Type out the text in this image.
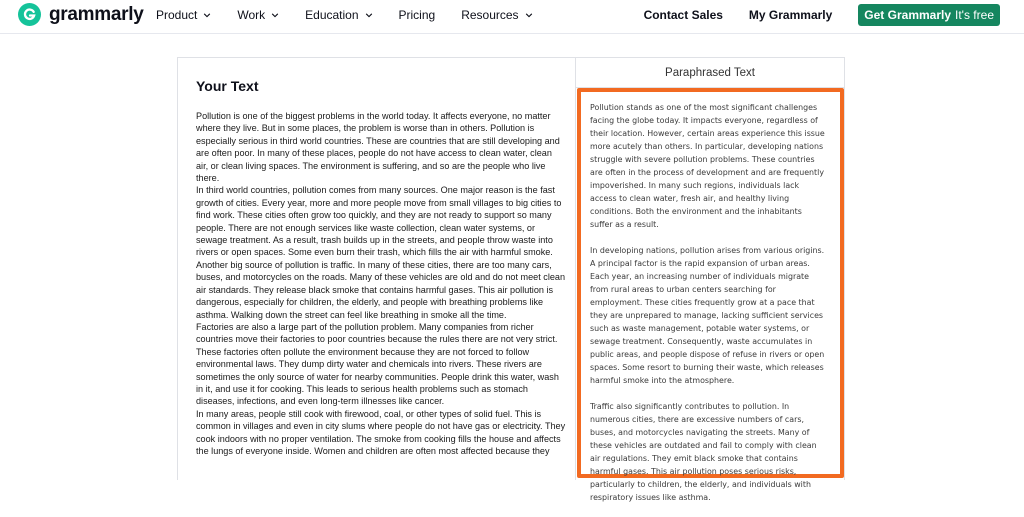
grammarly Product	Work	Education	Pricing Resources	Contact Sales My Grammarly	Get Grammarly It's free
Your Text

Pollution is one of the biggest problems in the world today. It affects everyone, no matter where they live. But in some places, the problem is worse than in others. Pollution is especially serious in third world countries. These are countries that are still developing and are often poor. In many of these places, people do not have access to clean water, clean air, or clean living spaces. The environment is suffering, and so are the people who live there.

In third world countries, pollution comes from many sources. One major reason is the fast growth of cities. Every year, more and more people move from small villages to big cities to find work. These cities often grow too quickly, and they are not ready to support so many people. There are not enough services like waste collection, clean water systems, or sewage treatment. As a result, trash builds up in the streets, and people throw waste into rivers or open spaces. Some even burn their trash, which fills the air with harmful smoke.

Another big source of pollution is traffic. In many of these cities, there are too many cars, buses, and motorcycles on the roads. Many of these vehicles are old and do not meet clean air standards. They release black smoke that contains harmful gases. This air pollution is dangerous, especially for children, the elderly, and people with breathing problems like asthma. Walking down the street can feel like breathing in smoke all the time.

Factories are also a large part of the pollution problem. Many companies from richer countries move their factories to poor countries because the rules there are not very strict. These factories often pollute the environment because they are not forced to follow environmental laws. They dump dirty water and chemicals into rivers. These rivers are sometimes the only source of water for nearby communities. People drink this water, wash in it, and use it for cooking. This leads to serious health problems such as stomach diseases, infections, and even long-term illnesses like cancer.

In many areas, people still cook with firewood, coal, or other types of solid fuel. This is common in villages and even in city slums where people do not have gas or electricity. They cook indoors with no proper ventilation. The smoke from cooking fills the house and affects the lungs of everyone inside. Women and children are often most affected because they

Paraphrased Text

Pollution stands as one of the most significant challenges facing the globe today. It impacts everyone, regardless of their location. However, certain areas experience this issue more acutely than others. In particular, developing nations struggle with severe pollution problems. These countries are often in the process of development and are frequently impoverished. In many such regions, individuals lack access to clean water, fresh air, and healthy living conditions. Both the environment and the inhabitants suffer as a result.

In developing nations, pollution arises from various origins. A principal factor is the rapid expansion of urban areas. Each year, an increasing number of individuals migrate from rural areas to urban centers searching for employment. These cities frequently grow at a pace that they are unprepared to manage, lacking sufficient services such as waste management, potable water systems, or sewage treatment. Consequently, waste accumulates in public areas, and people dispose of refuse in rivers or open spaces. Some resort to burning their waste, which releases harmful smoke into the atmosphere.

Traffic also significantly contributes to pollution. In numerous cities, there are excessive numbers of cars, buses, and motorcycles navigating the streets. Many of these vehicles are outdated and fail to comply with clean air regulations. They emit black smoke that contains harmful gases. This air pollution poses serious risks, particularly to children, the elderly, and individuals with respiratory issues like asthma.
